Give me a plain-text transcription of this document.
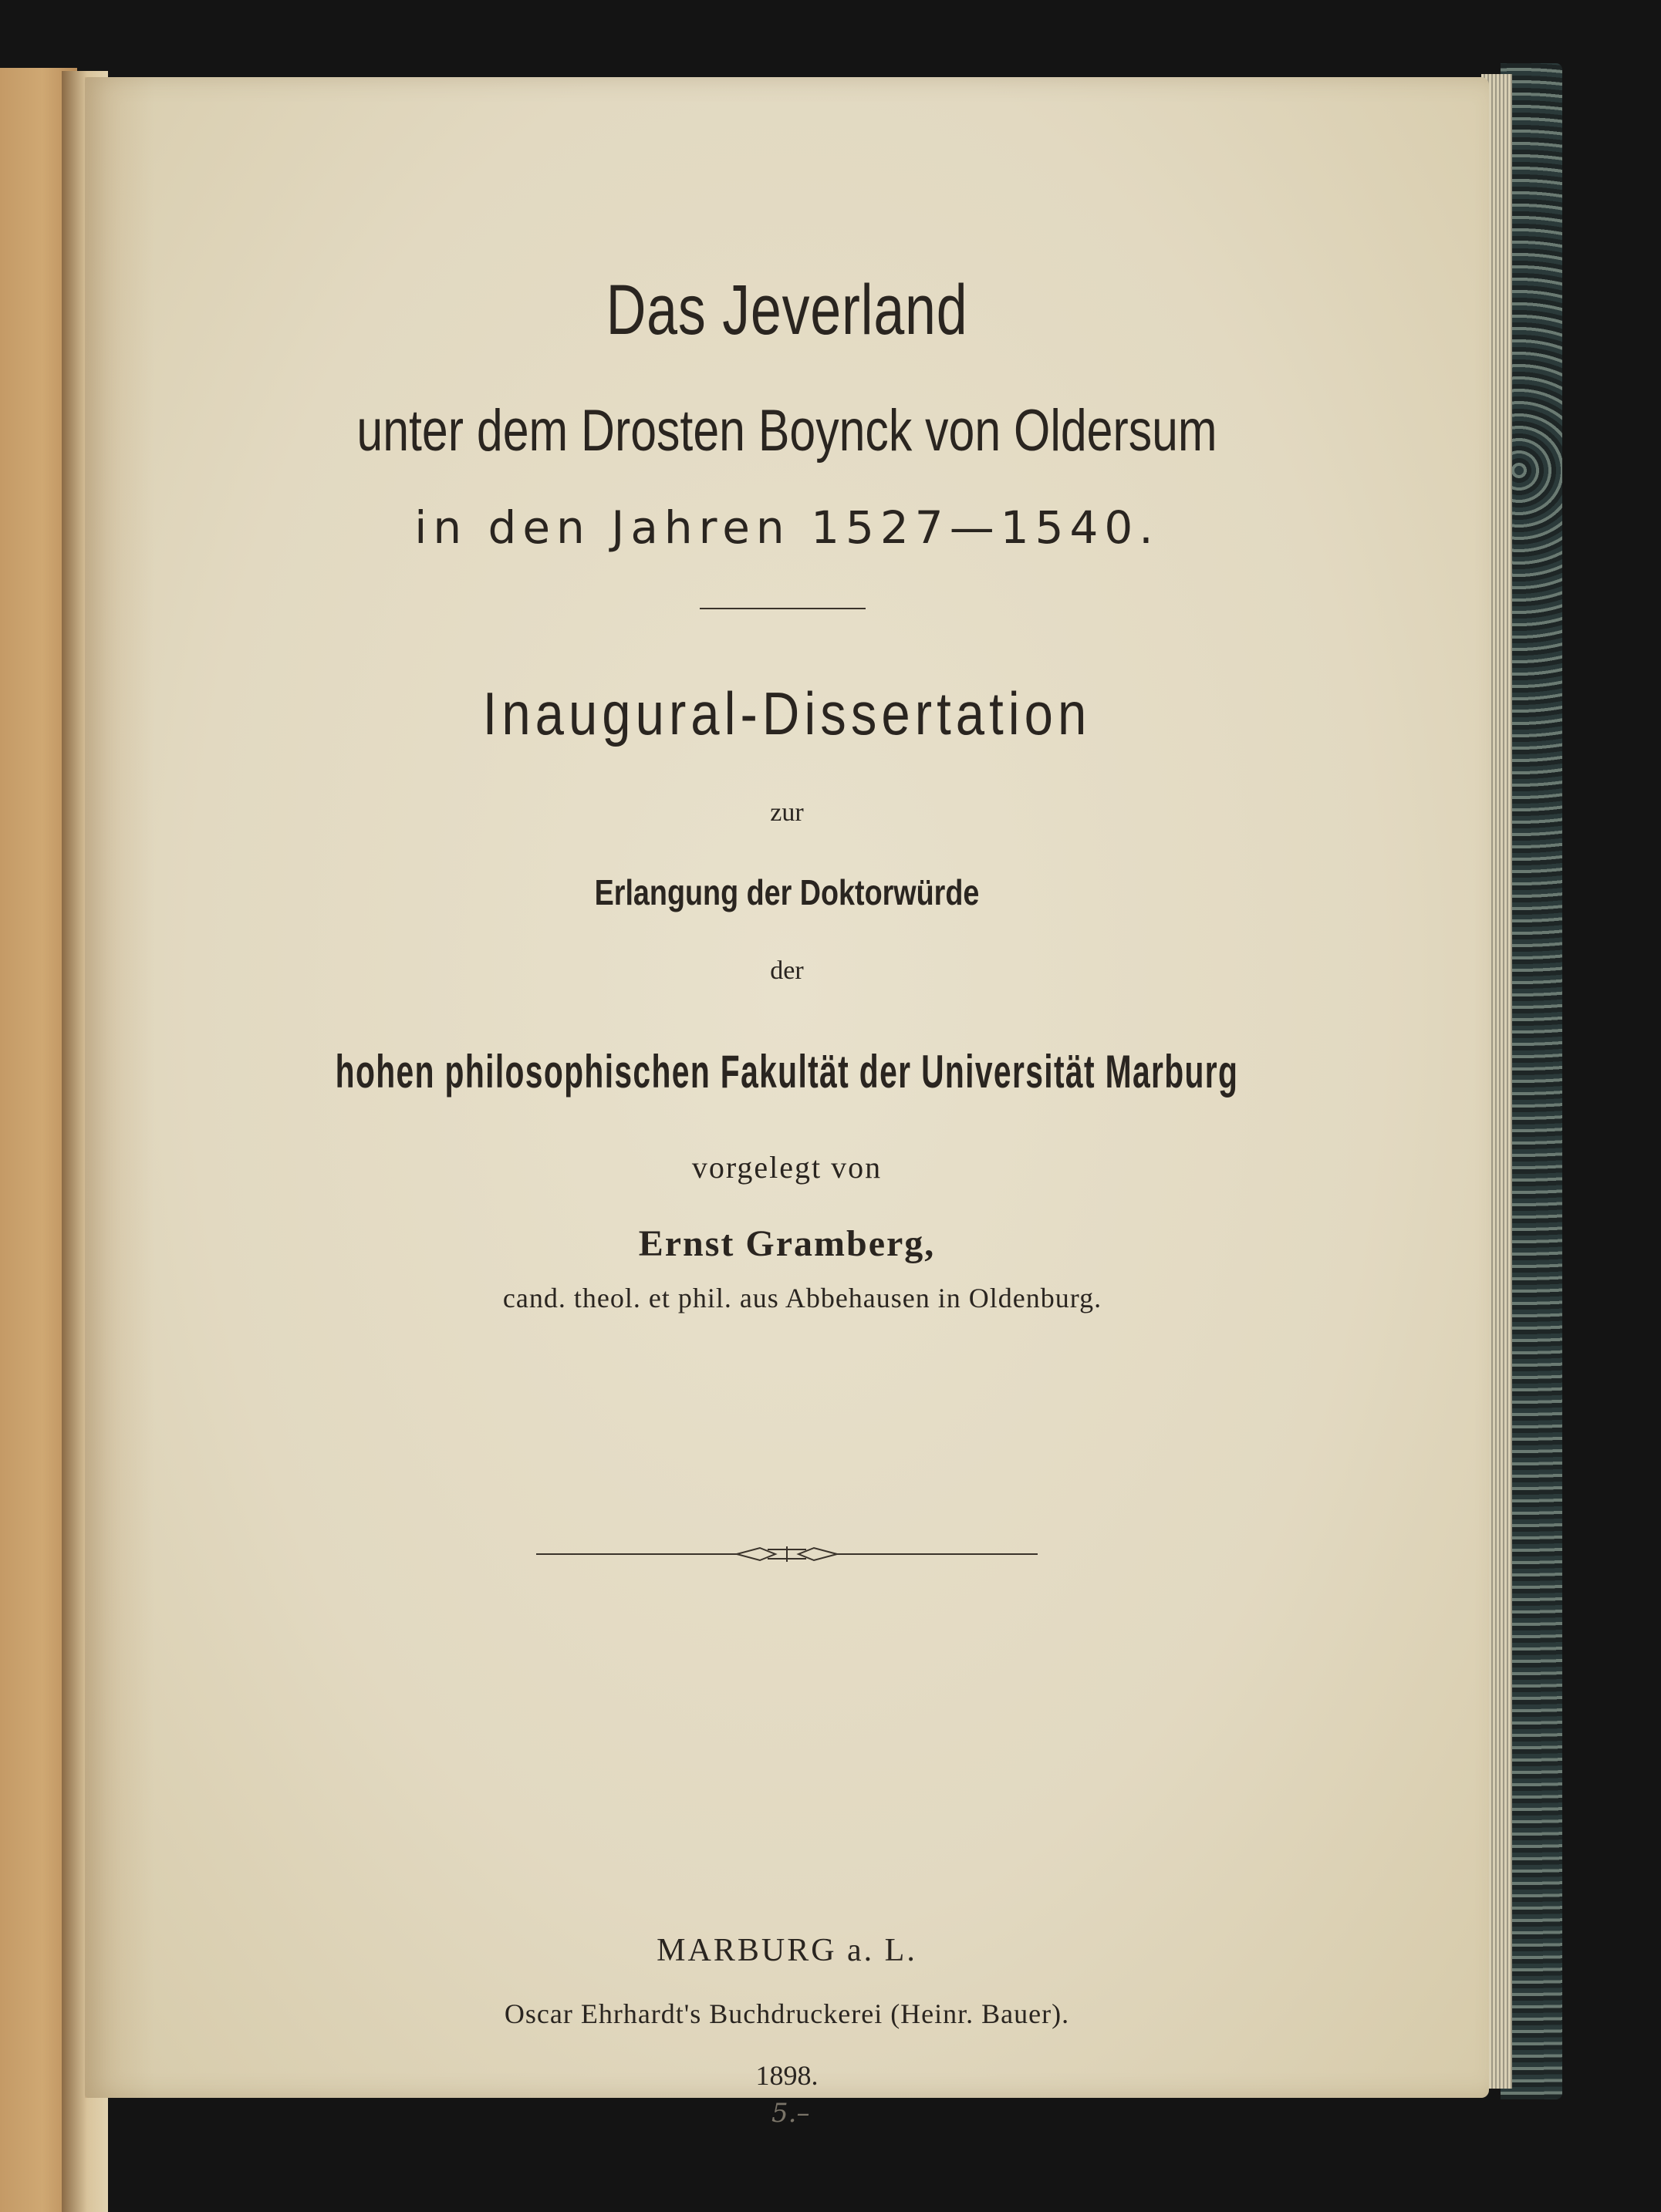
Das Jeverland
unter dem Drosten Boynck von Oldersum
in den Jahren 1527—1540.
Inaugural-Dissertation
zur
Erlangung der Doktorwürde
der
hohen philosophischen Fakultät der Universität Marburg
vorgelegt von
Ernst Gramberg,
cand. theol. et phil. aus Abbehausen in Oldenburg.
MARBURG a. L.
Oscar Ehrhardt's Buchdruckerei (Heinr. Bauer).
1898.
5.–
